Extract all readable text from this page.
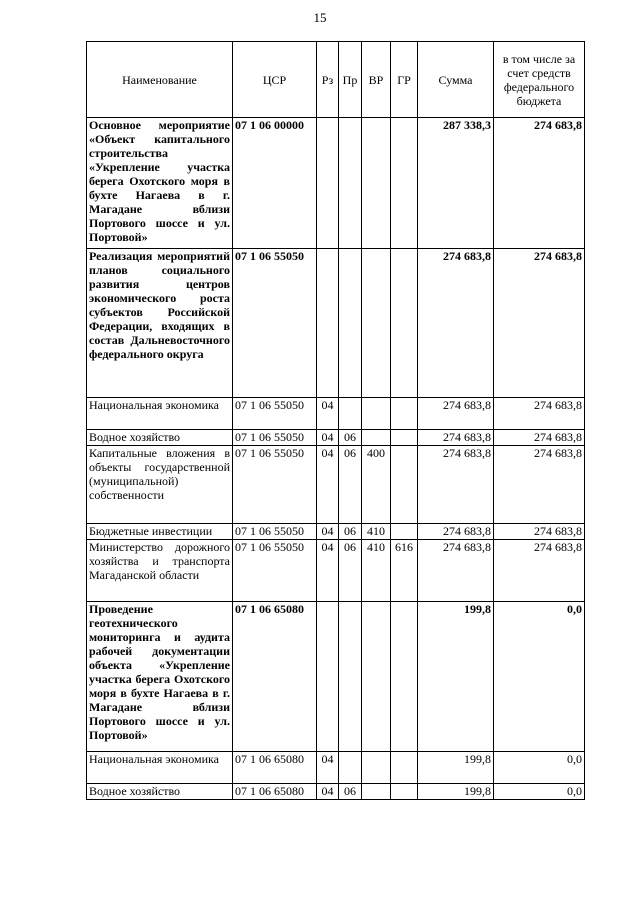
15
Наименование	ЦСР	Рз	Пр	ВР	ГР	Сумма	в том числе за счет средств федерального бюджета
Основное мероприятие «Объект капитального строительства «Укрепление участка берега Охотского моря в бухте Нагаева в г. Магадане вблизи Портового шоссе и ул. Портовой»	07 1 06 00000					287 338,3	274 683,8
Реализация мероприятий планов социального развития центров экономического роста субъектов Российской Федерации, входящих в состав Дальневосточного федерального округа	07 1 06 55050					274 683,8	274 683,8
Национальная экономика	07 1 06 55050	04				274 683,8	274 683,8
Водное хозяйство	07 1 06 55050	04	06			274 683,8	274 683,8
Капитальные вложения в объекты государственной (муниципальной) собственности	07 1 06 55050	04	06	400		274 683,8	274 683,8
Бюджетные инвестиции	07 1 06 55050	04	06	410		274 683,8	274 683,8
Министерство дорожного хозяйства и транспорта Магаданской области	07 1 06 55050	04	06	410	616	274 683,8	274 683,8
Проведение геотехнического мониторинга и аудита рабочей документации объекта «Укрепление участка берега Охотского моря в бухте Нагаева в г. Магадане вблизи Портового шоссе и ул. Портовой»	07 1 06 65080					199,8	0,0
Национальная экономика	07 1 06 65080	04				199,8	0,0
Водное хозяйство	07 1 06 65080	04	06			199,8	0,0
